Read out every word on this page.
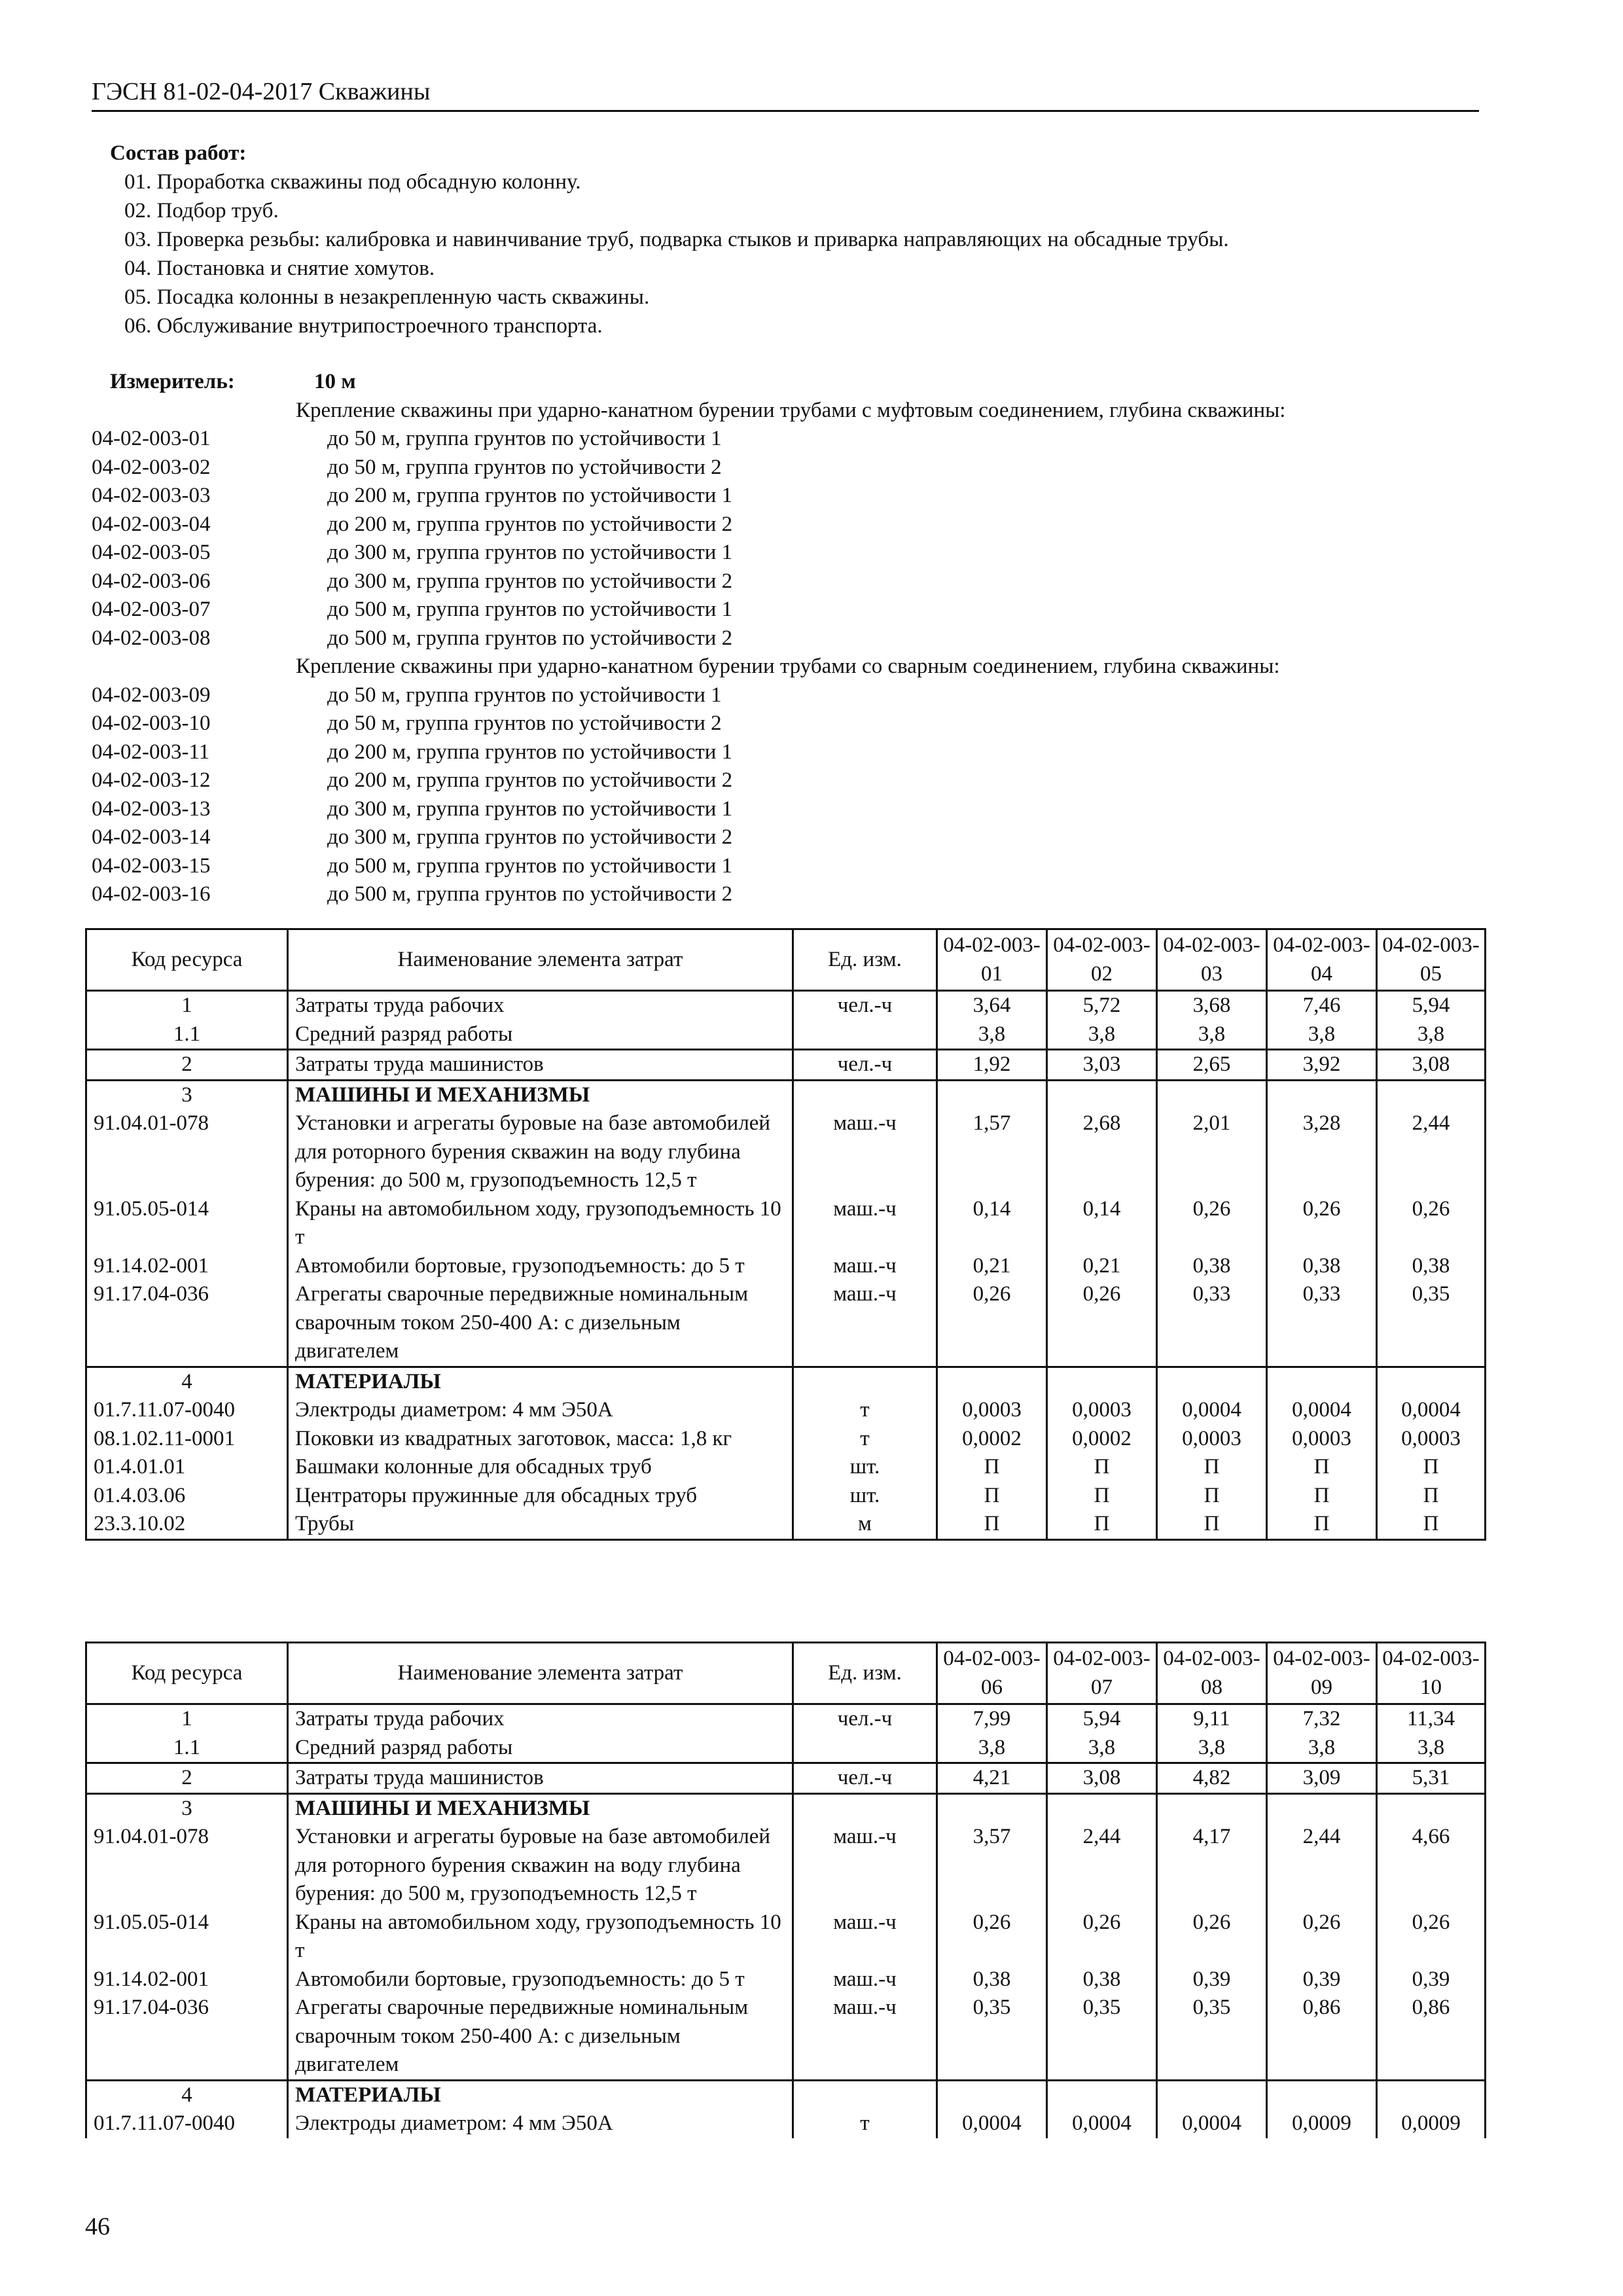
ГЭСН 81-02-04-2017 Скважины
Состав работ:
01. Проработка скважины под обсадную колонну.
02. Подбор труб.
03. Проверка резьбы: калибровка и навинчивание труб, подварка стыков и приварка направляющих на обсадные трубы.
04. Постановка и снятие хомутов.
05. Посадка колонны в незакрепленную часть скважины.
06. Обслуживание внутрипостроечного транспорта.
Измеритель:	10 м
Крепление скважины при ударно-канатном бурении трубами с муфтовым соединением, глубина скважины:
04-02-003-01	до 50 м, группа грунтов по устойчивости 1
04-02-003-02	до 50 м, группа грунтов по устойчивости 2
04-02-003-03	до 200 м, группа грунтов по устойчивости 1
04-02-003-04	до 200 м, группа грунтов по устойчивости 2
04-02-003-05	до 300 м, группа грунтов по устойчивости 1
04-02-003-06	до 300 м, группа грунтов по устойчивости 2
04-02-003-07	до 500 м, группа грунтов по устойчивости 1
04-02-003-08	до 500 м, группа грунтов по устойчивости 2
Крепление скважины при ударно-канатном бурении трубами со сварным соединением, глубина скважины:
04-02-003-09	до 50 м, группа грунтов по устойчивости 1
04-02-003-10	до 50 м, группа грунтов по устойчивости 2
04-02-003-11	до 200 м, группа грунтов по устойчивости 1
04-02-003-12	до 200 м, группа грунтов по устойчивости 2
04-02-003-13	до 300 м, группа грунтов по устойчивости 1
04-02-003-14	до 300 м, группа грунтов по устойчивости 2
04-02-003-15	до 500 м, группа грунтов по устойчивости 1
04-02-003-16	до 500 м, группа грунтов по устойчивости 2
Код ресурса	Наименование элемента затрат	Ед. изм.	04-02-003-01	04-02-003-02	04-02-003-03	04-02-003-04	04-02-003-05
1	Затраты труда рабочих	чел.-ч	3,64	5,72	3,68	7,46	5,94
1.1	Средний разряд работы		3,8	3,8	3,8	3,8	3,8
2	Затраты труда машинистов	чел.-ч	1,92	3,03	2,65	3,92	3,08
3	МАШИНЫ И МЕХАНИЗМЫ						
91.04.01-078	Установки и агрегаты буровые на базе автомобилей для роторного бурения скважин на воду глубина бурения: до 500 м, грузоподъемность 12,5 т	маш.-ч	1,57	2,68	2,01	3,28	2,44
91.05.05-014	Краны на автомобильном ходу, грузоподъемность 10 т	маш.-ч	0,14	0,14	0,26	0,26	0,26
91.14.02-001	Автомобили бортовые, грузоподъемность: до 5 т	маш.-ч	0,21	0,21	0,38	0,38	0,38
91.17.04-036	Агрегаты сварочные передвижные номинальным сварочным током 250-400 А: с дизельным двигателем	маш.-ч	0,26	0,26	0,33	0,33	0,35
4	МАТЕРИАЛЫ						
01.7.11.07-0040	Электроды диаметром: 4 мм Э50А	т	0,0003	0,0003	0,0004	0,0004	0,0004
08.1.02.11-0001	Поковки из квадратных заготовок, масса: 1,8 кг	т	0,0002	0,0002	0,0003	0,0003	0,0003
01.4.01.01	Башмаки колонные для обсадных труб	шт.	П	П	П	П	П
01.4.03.06	Центраторы пружинные для обсадных труб	шт.	П	П	П	П	П
23.3.10.02	Трубы	м	П	П	П	П	П
Код ресурса	Наименование элемента затрат	Ед. изм.	04-02-003-06	04-02-003-07	04-02-003-08	04-02-003-09	04-02-003-10
1	Затраты труда рабочих	чел.-ч	7,99	5,94	9,11	7,32	11,34
1.1	Средний разряд работы		3,8	3,8	3,8	3,8	3,8
2	Затраты труда машинистов	чел.-ч	4,21	3,08	4,82	3,09	5,31
3	МАШИНЫ И МЕХАНИЗМЫ						
91.04.01-078	Установки и агрегаты буровые на базе автомобилей для роторного бурения скважин на воду глубина бурения: до 500 м, грузоподъемность 12,5 т	маш.-ч	3,57	2,44	4,17	2,44	4,66
91.05.05-014	Краны на автомобильном ходу, грузоподъемность 10 т	маш.-ч	0,26	0,26	0,26	0,26	0,26
91.14.02-001	Автомобили бортовые, грузоподъемность: до 5 т	маш.-ч	0,38	0,38	0,39	0,39	0,39
91.17.04-036	Агрегаты сварочные передвижные номинальным сварочным током 250-400 А: с дизельным двигателем	маш.-ч	0,35	0,35	0,35	0,86	0,86
4	МАТЕРИАЛЫ						
01.7.11.07-0040	Электроды диаметром: 4 мм Э50А	т	0,0004	0,0004	0,0004	0,0009	0,0009
46
